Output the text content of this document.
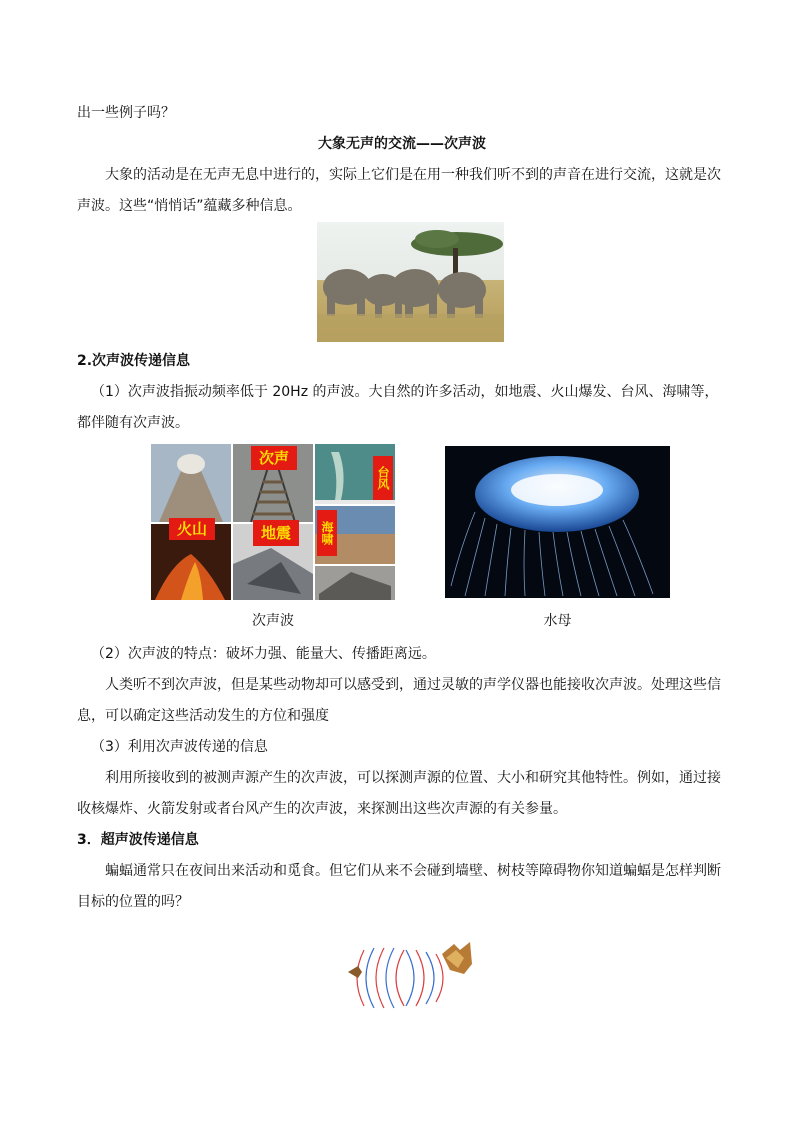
出一些例子吗？

大象无声的交流——次声波

大象的活动是在无声无息中进行的，实际上它们是在用一种我们听不到的声音在进行交流，这就是次声波。这些“悄悄话”蕴藏多种信息。

2.次声波传递信息

（1）次声波指振动频率低于 20Hz 的声波。大自然的许多活动，如地震、火山爆发、台风、海啸等，都伴随有次声波。

次声
台风
火山	地震	海啸
次声波	水母

（2）次声波的特点：破坏力强、能量大、传播距离远。

人类听不到次声波，但是某些动物却可以感受到，通过灵敏的声学仪器也能接收次声波。处理这些信息，可以确定这些活动发生的方位和强度

（3）利用次声波传递的信息

利用所接收到的被测声源产生的次声波，可以探测声源的位置、大小和研究其他特性。例如，通过接收核爆炸、火箭发射或者台风产生的次声波，来探测出这些次声源的有关参量。

3．超声波传递信息

蝙蝠通常只在夜间出来活动和觅食。但它们从来不会碰到墙壁、树枝等障碍物你知道蝙蝠是怎样判断目标的位置的吗？
